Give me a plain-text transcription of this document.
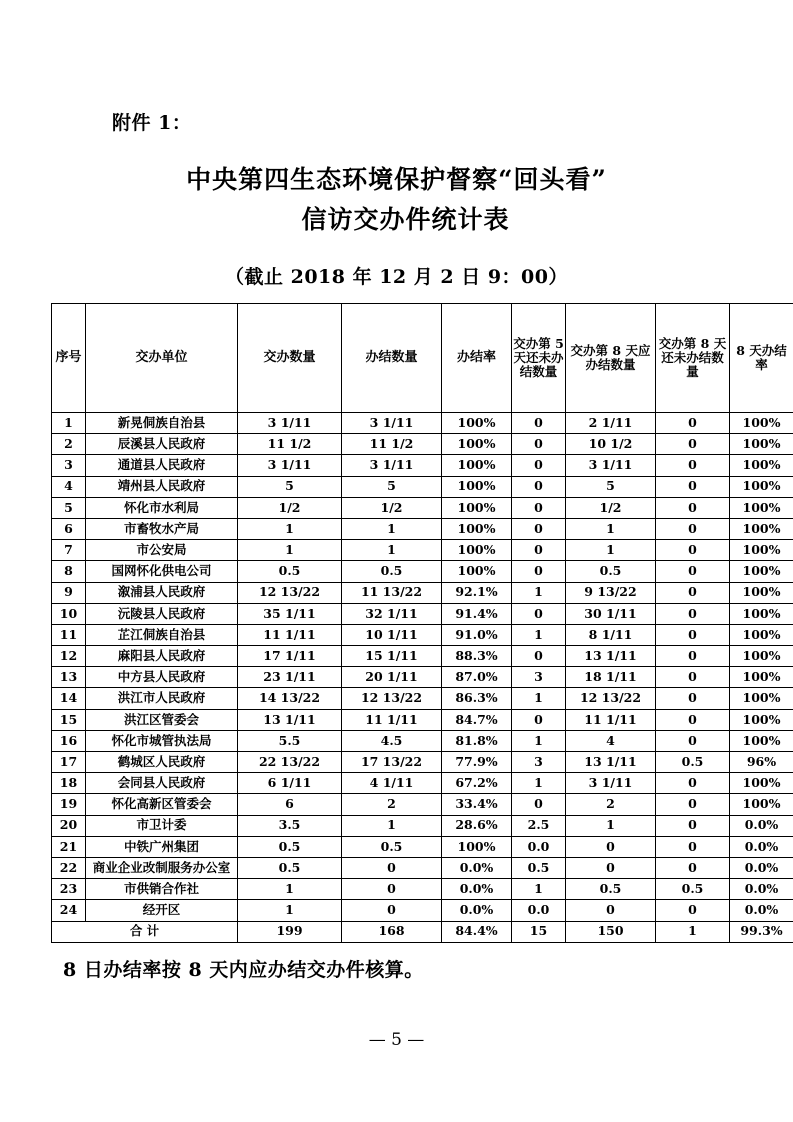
附件 1：
中央第四生态环境保护督察“回头看”
信访交办件统计表
（截止 2018 年 12 月 2 日 9：00）
序号	交办单位	交办数量	办结数量	办结率	交办第 5 天还未办结数量	交办第 8 天应办结数量	交办第 8 天还未办结数量	8 天办结率
1	新晃侗族自治县	3 1/11	3 1/11	100%	0	2 1/11	0	100%
2	辰溪县人民政府	11 1/2	11 1/2	100%	0	10 1/2	0	100%
3	通道县人民政府	3 1/11	3 1/11	100%	0	3 1/11	0	100%
4	靖州县人民政府	5	5	100%	0	5	0	100%
5	怀化市水利局	1/2	1/2	100%	0	1/2	0	100%
6	市畜牧水产局	1	1	100%	0	1	0	100%
7	市公安局	1	1	100%	0	1	0	100%
8	国网怀化供电公司	0.5	0.5	100%	0	0.5	0	100%
9	溆浦县人民政府	12 13/22	11 13/22	92.1%	1	9 13/22	0	100%
10	沅陵县人民政府	35 1/11	32 1/11	91.4%	0	30 1/11	0	100%
11	芷江侗族自治县	11 1/11	10 1/11	91.0%	1	8 1/11	0	100%
12	麻阳县人民政府	17 1/11	15 1/11	88.3%	0	13 1/11	0	100%
13	中方县人民政府	23 1/11	20 1/11	87.0%	3	18 1/11	0	100%
14	洪江市人民政府	14 13/22	12 13/22	86.3%	1	12 13/22	0	100%
15	洪江区管委会	13 1/11	11 1/11	84.7%	0	11 1/11	0	100%
16	怀化市城管执法局	5.5	4.5	81.8%	1	4	0	100%
17	鹤城区人民政府	22 13/22	17 13/22	77.9%	3	13 1/11	0.5	96%
18	会同县人民政府	6 1/11	4 1/11	67.2%	1	3 1/11	0	100%
19	怀化高新区管委会	6	2	33.4%	0	2	0	100%
20	市卫计委	3.5	1	28.6%	2.5	1	0	0.0%
21	中铁广州集团	0.5	0.5	100%	0.0	0	0	0.0%
22	商业企业改制服务办公室	0.5	0	0.0%	0.5	0	0	0.0%
23	市供销合作社	1	0	0.0%	1	0.5	0.5	0.0%
24	经开区	1	0	0.0%	0.0	0	0	0.0%
合 计		199	168	84.4%	15	150	1	99.3%
8 日办结率按 8 天内应办结交办件核算。
— 5 —
